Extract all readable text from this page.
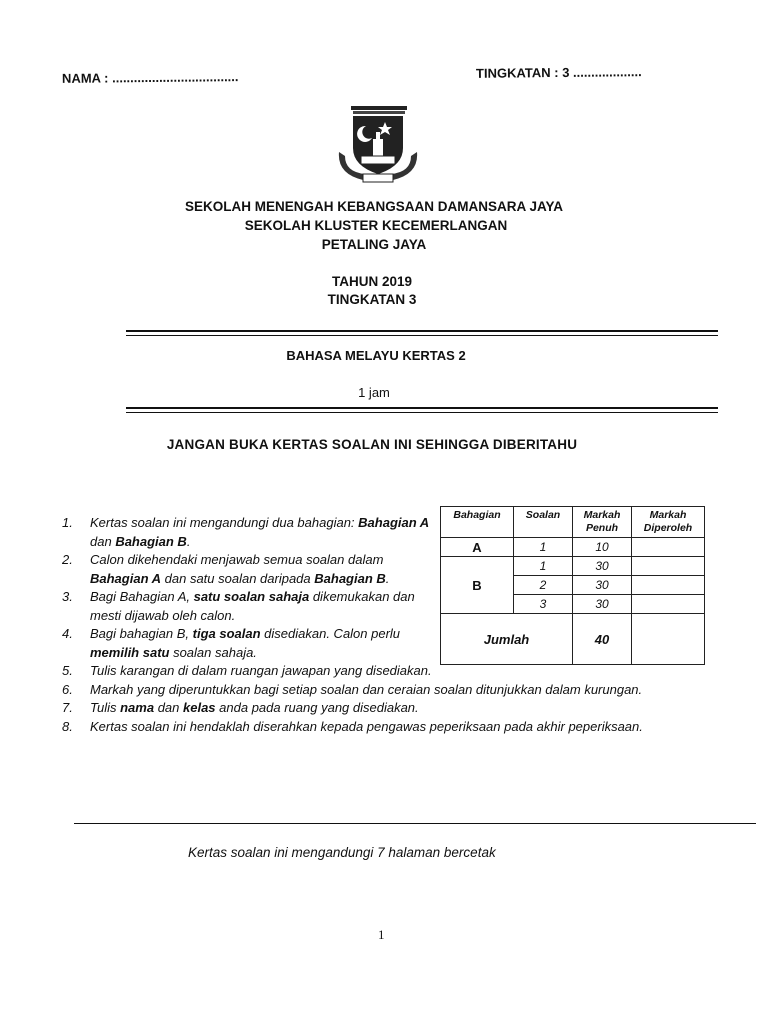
NAMA : ...................................	TINGKATAN : 3 ...................
SEKOLAH MENENGAH KEBANGSAAN DAMANSARA JAYA
SEKOLAH KLUSTER KECEMERLANGAN
PETALING JAYA
TAHUN 2019
TINGKATAN 3
BAHASA MELAYU KERTAS 2
1 jam
JANGAN BUKA KERTAS SOALAN INI SEHINGGA DIBERITAHU
1. Kertas soalan ini mengandungi dua bahagian: Bahagian A dan Bahagian B.
2. Calon dikehendaki menjawab semua soalan dalam Bahagian A dan satu soalan daripada Bahagian B.
3. Bagi Bahagian A, satu soalan sahaja dikemukakan dan mesti dijawab oleh calon.
4. Bagi bahagian B, tiga soalan disediakan. Calon perlu memilih satu soalan sahaja.
5. Tulis karangan di dalam ruangan jawapan yang disediakan.
6. Markah yang diperuntukkan bagi setiap soalan dan ceraian soalan ditunjukkan dalam kurungan.
7. Tulis nama dan kelas anda pada ruang yang disediakan.
8. Kertas soalan ini hendaklah diserahkan kepada pengawas peperiksaan pada akhir peperiksaan.
Bahagian	Soalan	Markah Penuh	Markah Diperoleh
A	1	10	
B	1	30	
	2	30	
	3	30	
Jumlah		40	
Kertas soalan ini mengandungi 7 halaman bercetak
1
